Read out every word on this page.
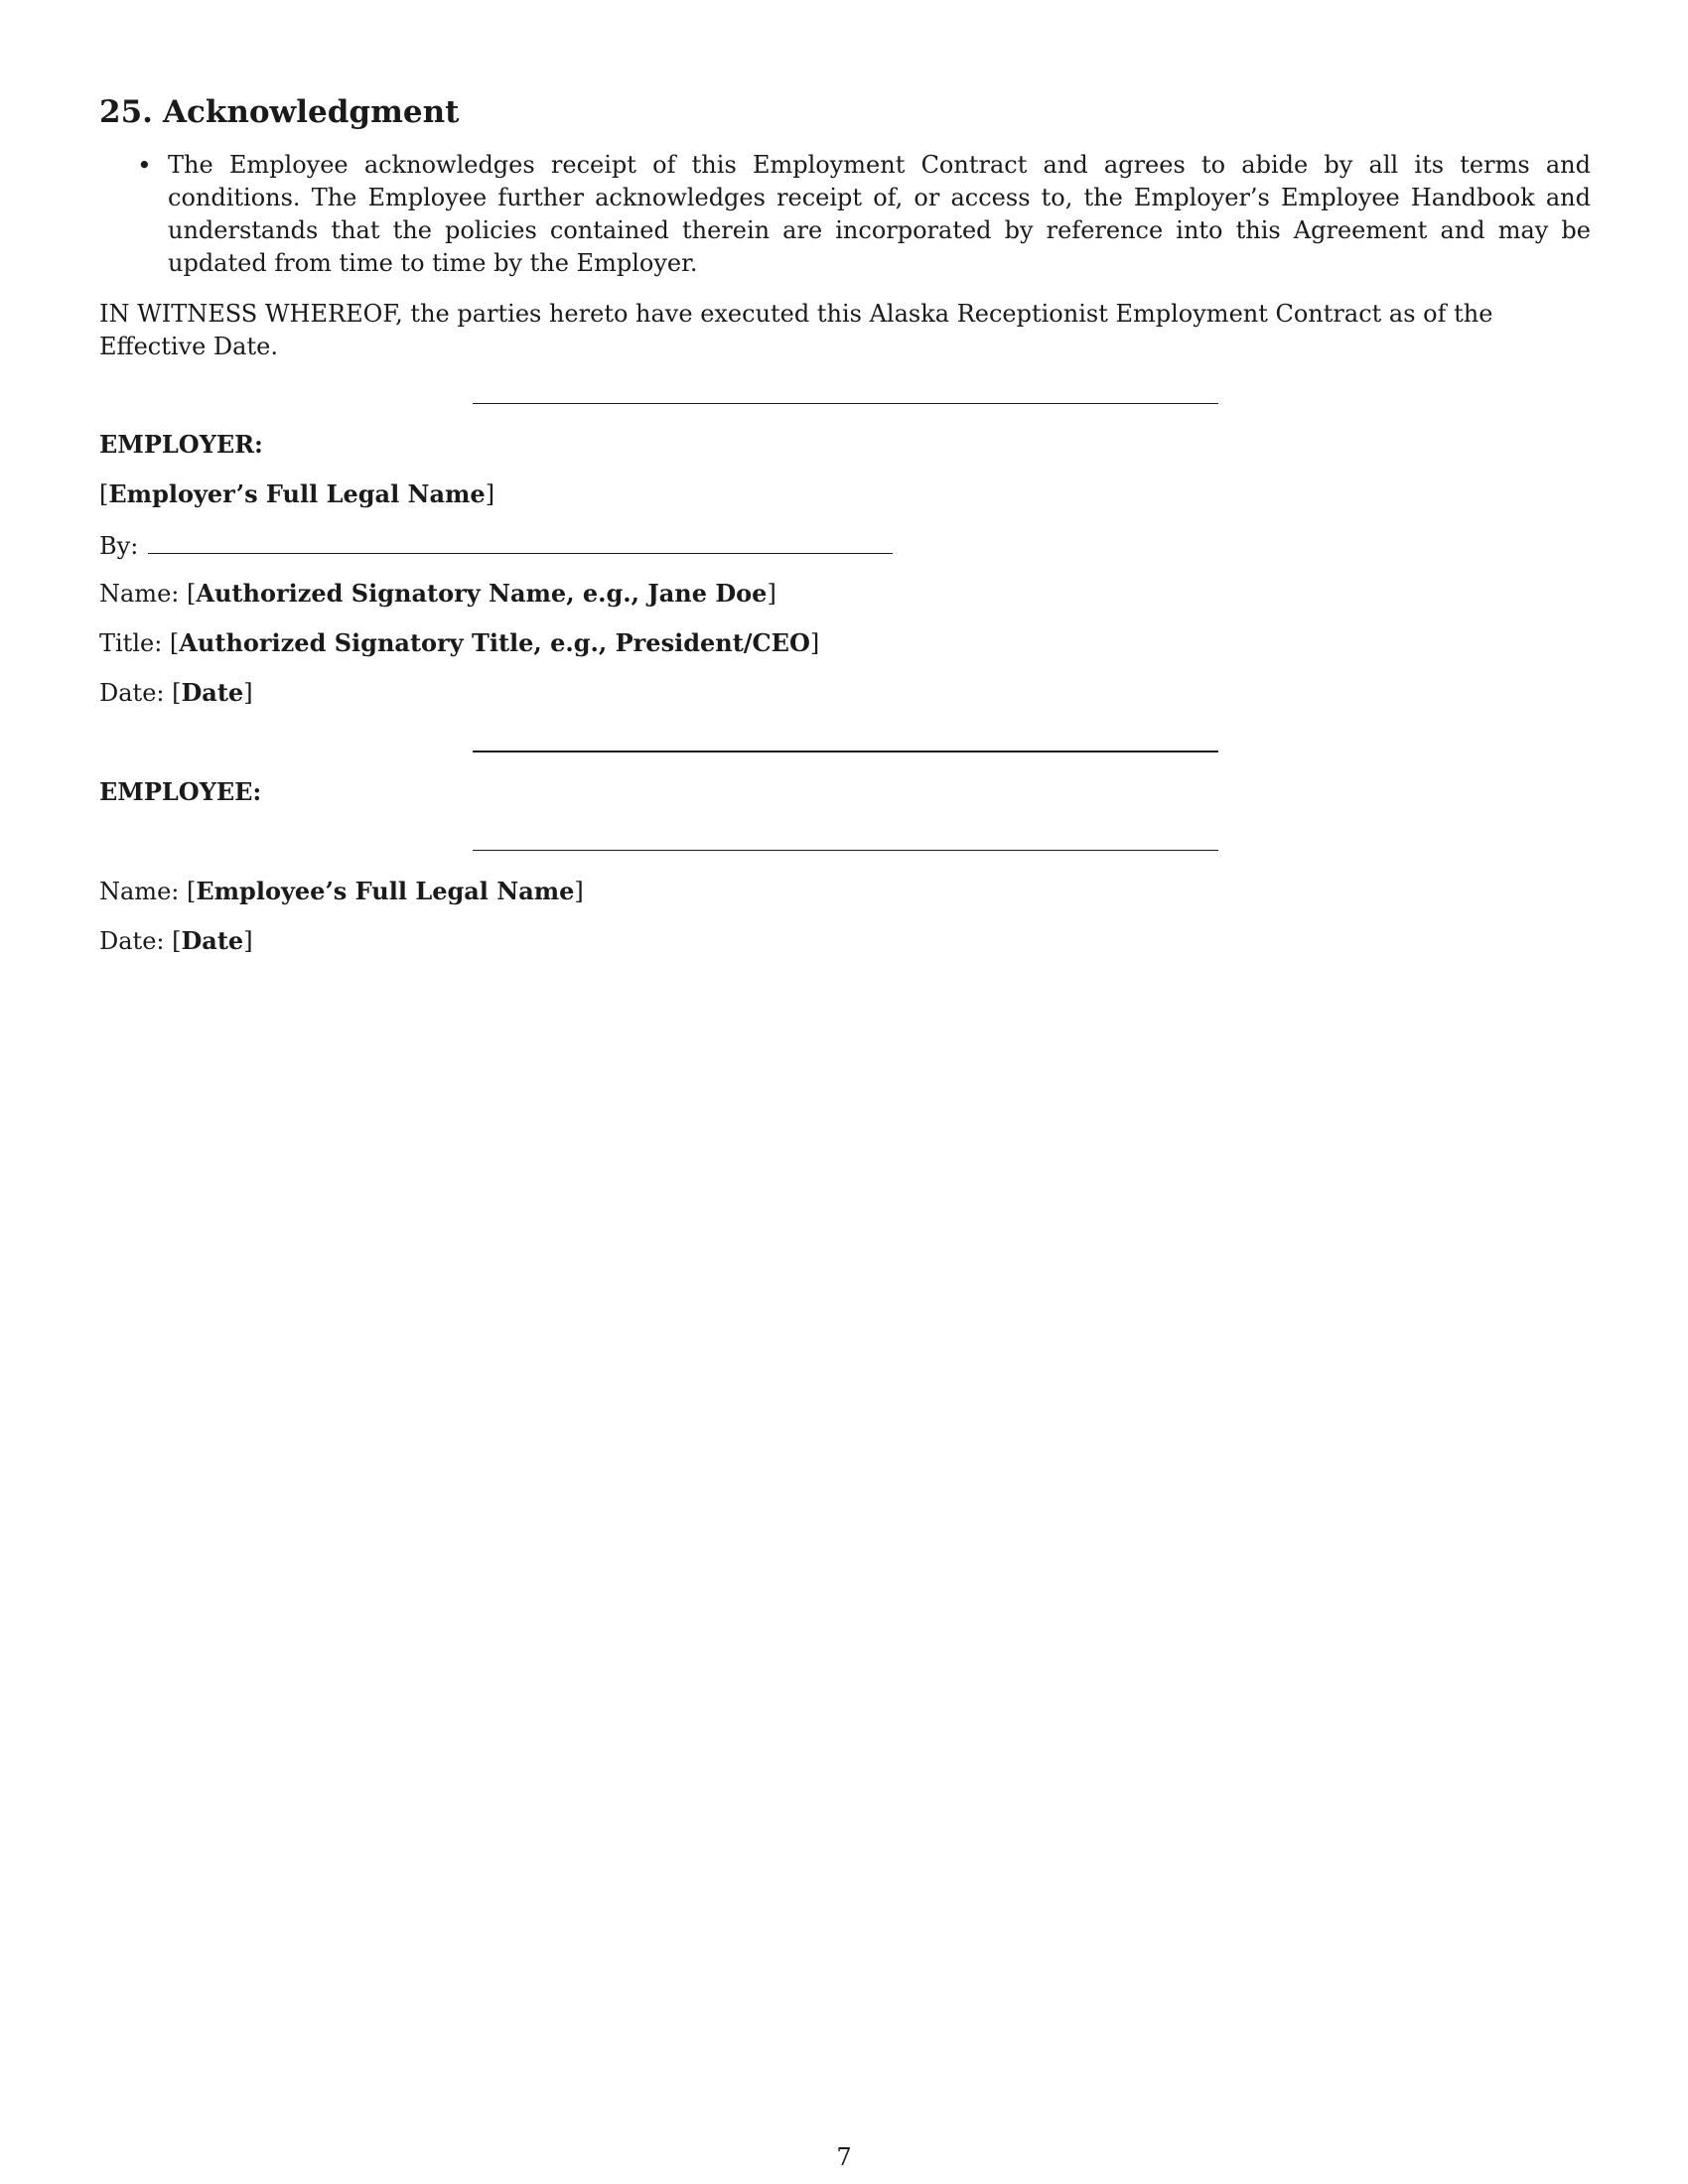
25. Acknowledgment
• The Employee acknowledges receipt of this Employment Contract and agrees to abide by all its terms and conditions. The Employee further acknowledges receipt of, or access to, the Employer’s Employee Handbook and understands that the policies contained therein are incorporated by reference into this Agreement and may be updated from time to time by the Employer.

IN WITNESS WHEREOF, the parties hereto have executed this Alaska Receptionist Employment Contract as of the Effective Date.

EMPLOYER:
[Employer’s Full Legal Name]
By:
Name: [Authorized Signatory Name, e.g., Jane Doe]
Title: [Authorized Signatory Title, e.g., President/CEO]
Date: [Date]
EMPLOYEE:
Name: [Employee’s Full Legal Name]
Date: [Date]
7
